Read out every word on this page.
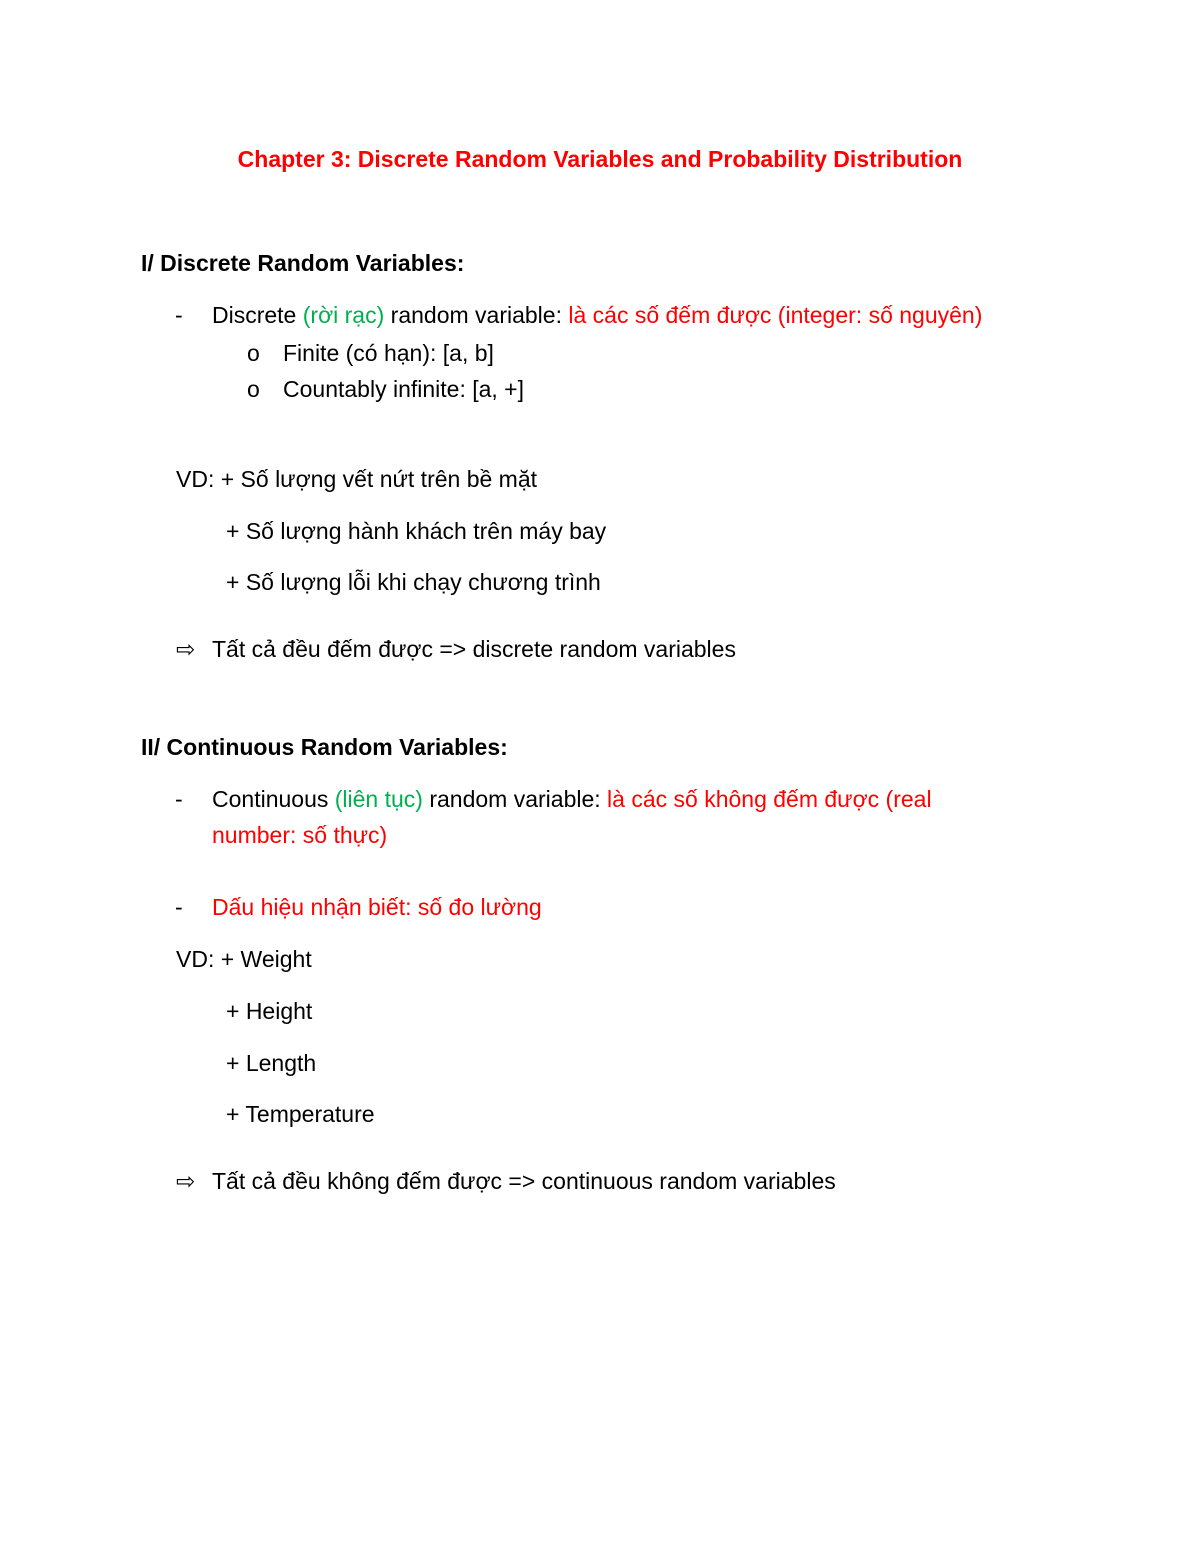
Chapter 3: Discrete Random Variables and Probability Distribution
I/ Discrete Random Variables:
- Discrete (rời rạc) random variable: là các số đếm được (integer: số nguyên)
o Finite (có hạn): [a, b]
o Countably infinite: [a, +]
VD: + Số lượng vết nứt trên bề mặt
+ Số lượng hành khách trên máy bay
+ Số lượng lỗi khi chạy chương trình
⇨ Tất cả đều đếm được => discrete random variables
II/ Continuous Random Variables:
- Continuous (liên tục) random variable: là các số không đếm được (real
number: số thực)
- Dấu hiệu nhận biết: số đo lường
VD: + Weight
+ Height
+ Length
+ Temperature
⇨ Tất cả đều không đếm được => continuous random variables
